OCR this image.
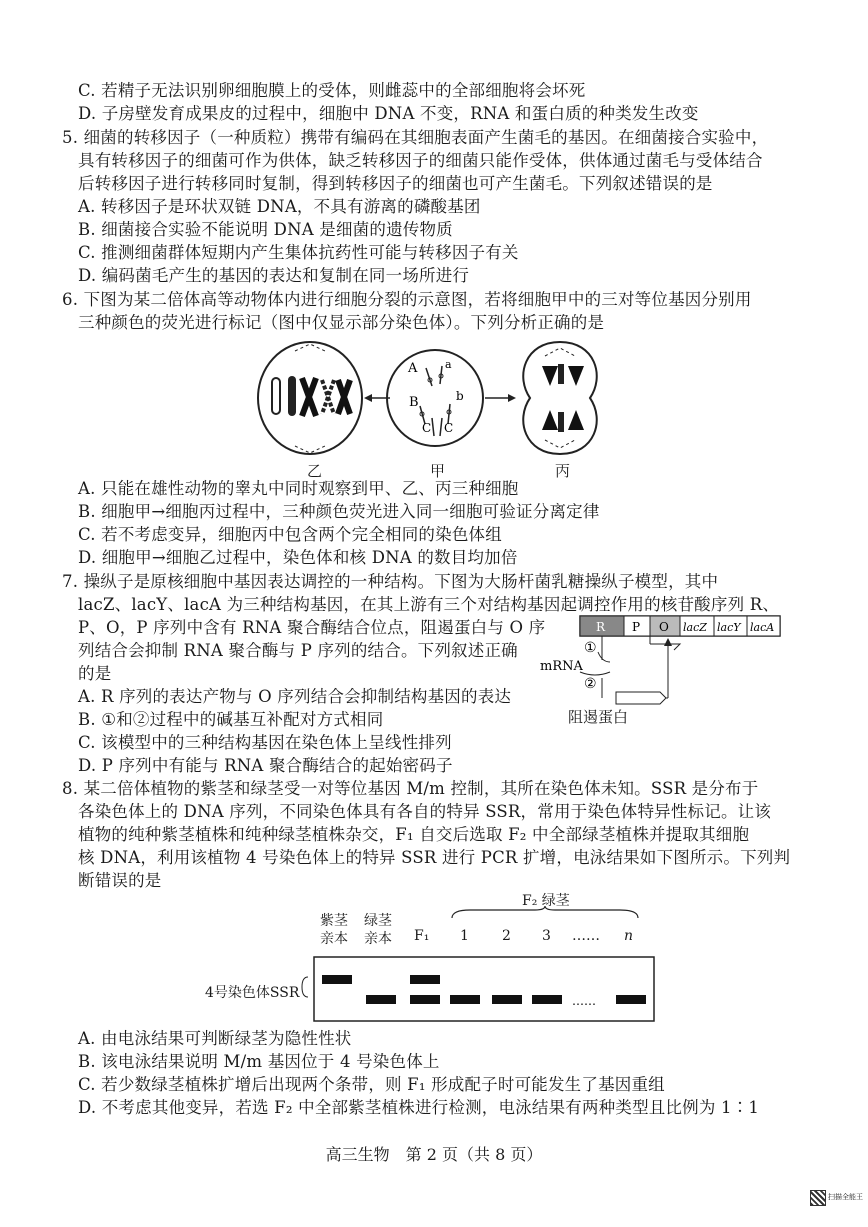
C. 若精子无法识别卵细胞膜上的受体，则雌蕊中的全部细胞将会坏死
D. 子房壁发育成果皮的过程中，细胞中 DNA 不变，RNA 和蛋白质的种类发生改变
5. 细菌的转移因子（一种质粒）携带有编码在其细胞表面产生菌毛的基因。在细菌接合实验中，
具有转移因子的细菌可作为供体，缺乏转移因子的细菌只能作受体，供体通过菌毛与受体结合
后转移因子进行转移同时复制，得到转移因子的细菌也可产生菌毛。下列叙述错误的是
A. 转移因子是环状双链 DNA，不具有游离的磷酸基团
B. 细菌接合实验不能说明 DNA 是细菌的遗传物质
C. 推测细菌群体短期内产生集体抗药性可能与转移因子有关
D. 编码菌毛产生的基因的表达和复制在同一场所进行
6. 下图为某二倍体高等动物体内进行细胞分裂的示意图，若将细胞甲中的三对等位基因分别用
三种颜色的荧光进行标记（图中仅显示部分染色体）。下列分析正确的是
A	a
B	b
C C
乙	甲	丙
A. 只能在雄性动物的睾丸中同时观察到甲、乙、丙三种细胞
B. 细胞甲→细胞丙过程中，三种颜色荧光进入同一细胞可验证分离定律
C. 若不考虑变异，细胞丙中包含两个完全相同的染色体组
D. 细胞甲→细胞乙过程中，染色体和核 DNA 的数目均加倍
7. 操纵子是原核细胞中基因表达调控的一种结构。下图为大肠杆菌乳糖操纵子模型，其中
lacZ、lacY、lacA 为三种结构基因，在其上游有三个对结构基因起调控作用的核苷酸序列 R、
P、O，P 序列中含有 RNA 聚合酶结合位点，阻遏蛋白与 O 序
列结合会抑制 RNA 聚合酶与 P 序列的结合。下列叙述正确
的是
A. R 序列的表达产物与 O 序列结合会抑制结构基因的表达
B. ①和②过程中的碱基互补配对方式相同
C. 该模型中的三种结构基因在染色体上呈线性排列
D. P 序列中有能与 RNA 聚合酶结合的起始密码子
R P O lacZ lacY lacA
①
mRNA
②
阻遏蛋白
8. 某二倍体植物的紫茎和绿茎受一对等位基因 M/m 控制，其所在染色体未知。SSR 是分布于
各染色体上的 DNA 序列，不同染色体具有各自的特异 SSR，常用于染色体特异性标记。让该
植物的纯种紫茎植株和纯种绿茎植株杂交，F₁ 自交后选取 F₂ 中全部绿茎植株并提取其细胞
核 DNA，利用该植物 4 号染色体上的特异 SSR 进行 PCR 扩增，电泳结果如下图所示。下列判
断错误的是
F₂ 绿茎
紫茎
亲本
绿茎
亲本 F₁ 1 2 3 …… n
4号染色体SSR	……
A. 由电泳结果可判断绿茎为隐性性状
B. 该电泳结果说明 M/m 基因位于 4 号染色体上
C. 若少数绿茎植株扩增后出现两个条带，则 F₁ 形成配子时可能发生了基因重组
D. 不考虑其他变异，若选 F₂ 中全部紫茎植株进行检测，电泳结果有两种类型且比例为 1∶1
高三生物　第 2 页（共 8 页）
扫描全能王
